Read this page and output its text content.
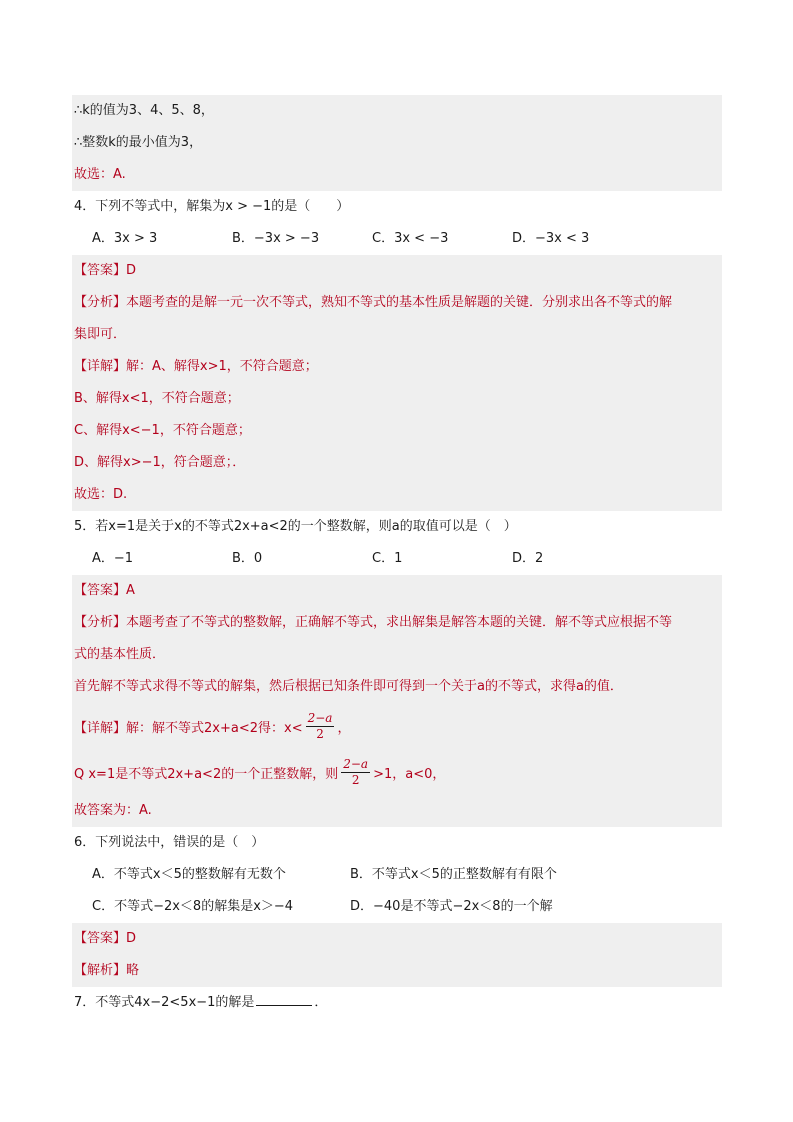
∴k的值为3、4、5、8，
∴整数k的最小值为3，
故选：A.
4．下列不等式中，解集为x > −1的是（　　）
A．3x > 3	B．−3x > −3	C．3x < −3	D．−3x < 3
【答案】D
【分析】本题考查的是解一元一次不等式，熟知不等式的基本性质是解题的关键．分别求出各不等式的解
集即可．
【详解】解：A、解得x>1，不符合题意；
B、解得x<1，不符合题意；
C、解得x<−1，不符合题意；
D、解得x>−1，符合题意；．
故选：D.
5．若x=1是关于x的不等式2x+a<2的一个整数解，则a的取值可以是（　）
A．−1	B．0	C．1	D．2
【答案】A
【分析】本题考查了不等式的整数解，正确解不等式，求出解集是解答本题的关键．解不等式应根据不等
式的基本性质．
首先解不等式求得不等式的解集，然后根据已知条件即可得到一个关于a的不等式，求得a的值．
【详解】 解：解不等式2x+a<2得：$x< \frac{2-a}{2}$ ，
Q x=1是不等式2x+a<2的一个正整数解，则 $\frac{2-a}{2} >1$，a<0，
故答案为：A.
6．下列说法中，错误的是（　）
A．不等式x＜5的整数解有无数个	B．不等式x＜5的正整数解有有限个
C．不等式−2x＜8的解集是x＞−4	D．−40是不等式−2x＜8的一个解
【答案】D
【解析】略
7．不等式4x−2<5x−1的解是	．
